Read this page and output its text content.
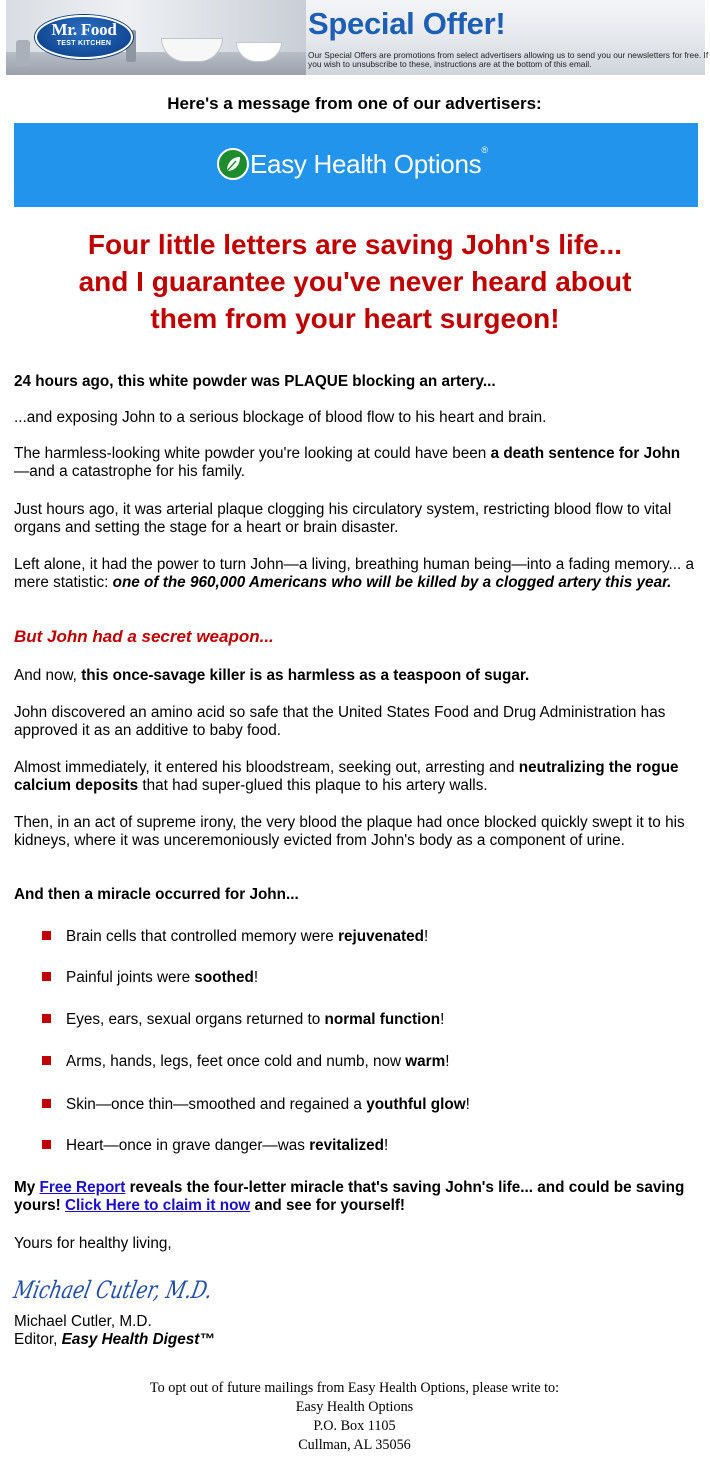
Mr. Food
TEST KITCHEN
Special Offer!
Our Special Offers are promotions from select advertisers allowing us to send you our newsletters for free. If you wish to unsubscribe to these, instructions are at the bottom of this email.
Here's a message from one of our advertisers:
Easy Health Options®
Four little letters are saving John's life...
and I guarantee you've never heard about
them from your heart surgeon!
24 hours ago, this white powder was PLAQUE blocking an artery...
...and exposing John to a serious blockage of blood flow to his heart and brain.
The harmless-looking white powder you're looking at could have been a death sentence for John—and a catastrophe for his family.
Just hours ago, it was arterial plaque clogging his circulatory system, restricting blood flow to vital organs and setting the stage for a heart or brain disaster.
Left alone, it had the power to turn John—a living, breathing human being—into a fading memory... a mere statistic: one of the 960,000 Americans who will be killed by a clogged artery this year.
But John had a secret weapon...
And now, this once-savage killer is as harmless as a teaspoon of sugar.
John discovered an amino acid so safe that the United States Food and Drug Administration has approved it as an additive to baby food.
Almost immediately, it entered his bloodstream, seeking out, arresting and neutralizing the rogue calcium deposits that had super-glued this plaque to his artery walls.
Then, in an act of supreme irony, the very blood the plaque had once blocked quickly swept it to his kidneys, where it was unceremoniously evicted from John's body as a component of urine.
And then a miracle occurred for John...
Brain cells that controlled memory were rejuvenated!
Painful joints were soothed!
Eyes, ears, sexual organs returned to normal function!
Arms, hands, legs, feet once cold and numb, now warm!
Skin—once thin—smoothed and regained a youthful glow!
Heart—once in grave danger—was revitalized!
My Free Report reveals the four-letter miracle that's saving John's life... and could be saving yours! Click Here to claim it now and see for yourself!
Yours for healthy living,
Michael Cutler, M.D.
Michael Cutler, M.D.
Editor, Easy Health Digest™
To opt out of future mailings from Easy Health Options, please write to:
Easy Health Options
P.O. Box 1105
Cullman, AL 35056
